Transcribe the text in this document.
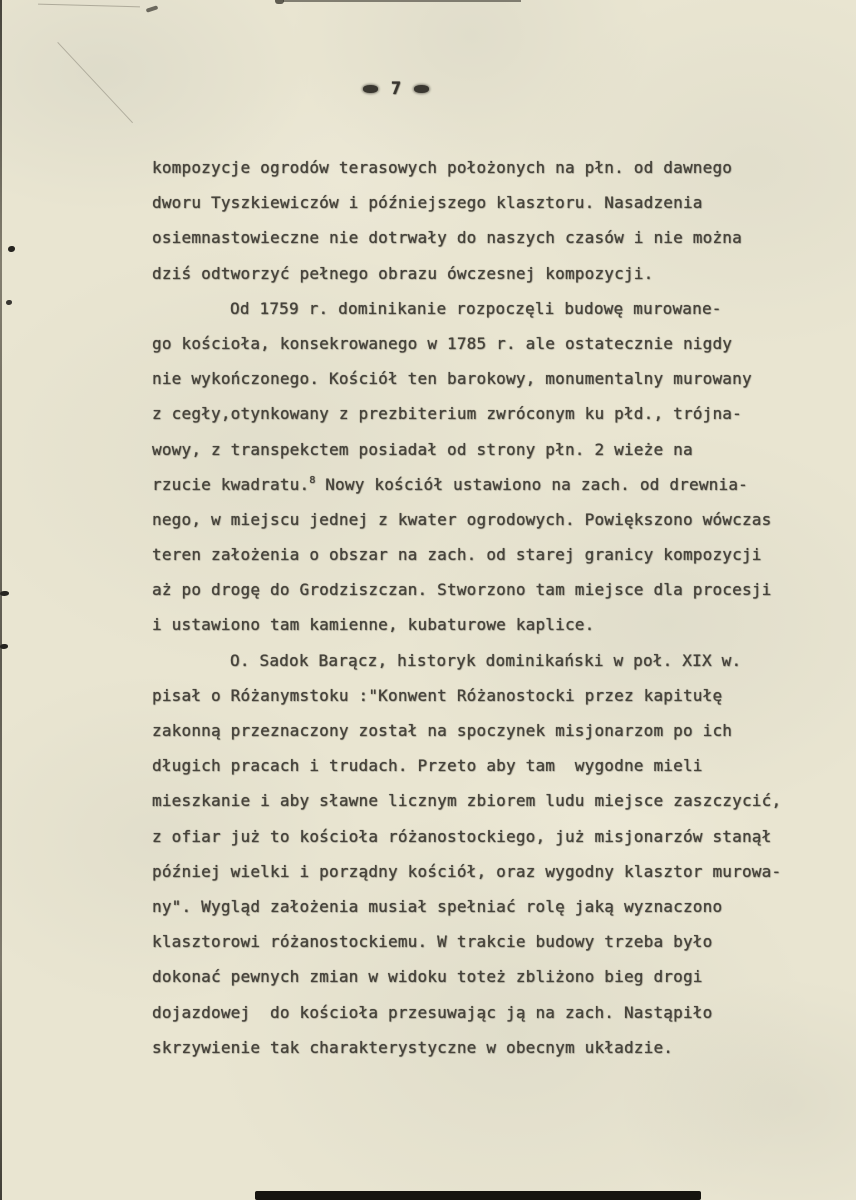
7
kompozycje ogrodów terasowych położonych na płn. od dawnego
dworu Tyszkiewiczów i późniejszego klasztoru. Nasadzenia
osiemnastowieczne nie dotrwały do naszych czasów i nie można
dziś odtworzyć pełnego obrazu ówczesnej kompozycji.
Od 1759 r. dominikanie rozpoczęli budowę murowane-
go kościoła, konsekrowanego w 1785 r. ale ostatecznie nigdy
nie wykończonego. Kościół ten barokowy, monumentalny murowany
z cegły,otynkowany z prezbiterium zwróconym ku płd., trójna-
wowy, z transpekctem posiadał od strony płn. 2 wieże na
rzucie kwadratu.$^8$ Nowy kościół ustawiono na zach. od drewnia-
nego, w miejscu jednej z kwater ogrodowych. Powiększono wówczas
teren założenia o obszar na zach. od starej granicy kompozycji
aż po drogę do Grodziszczan. Stworzono tam miejsce dla procesji
i ustawiono tam kamienne, kubaturowe kaplice.
O. Sadok Barącz, historyk dominikański w poł. XIX w.
pisał o Różanymstoku :"Konwent Różanostocki przez kapitułę
zakonną przeznaczony został na spoczynek misjonarzom po ich
długich pracach i trudach. Przeto aby tam  wygodne mieli
mieszkanie i aby sławne licznym zbiorem ludu miejsce zaszczycić,
z ofiar już to kościoła różanostockiego, już misjonarzów stanął
później wielki i porządny kościół, oraz wygodny klasztor murowa-
ny". Wygląd założenia musiał spełniać rolę jaką wyznaczono
klasztorowi różanostockiemu. W trakcie budowy trzeba było
dokonać pewnych zmian w widoku toteż zbliżono bieg drogi
dojazdowej  do kościoła przesuwając ją na zach. Nastąpiło
skrzywienie tak charakterystyczne w obecnym układzie.
